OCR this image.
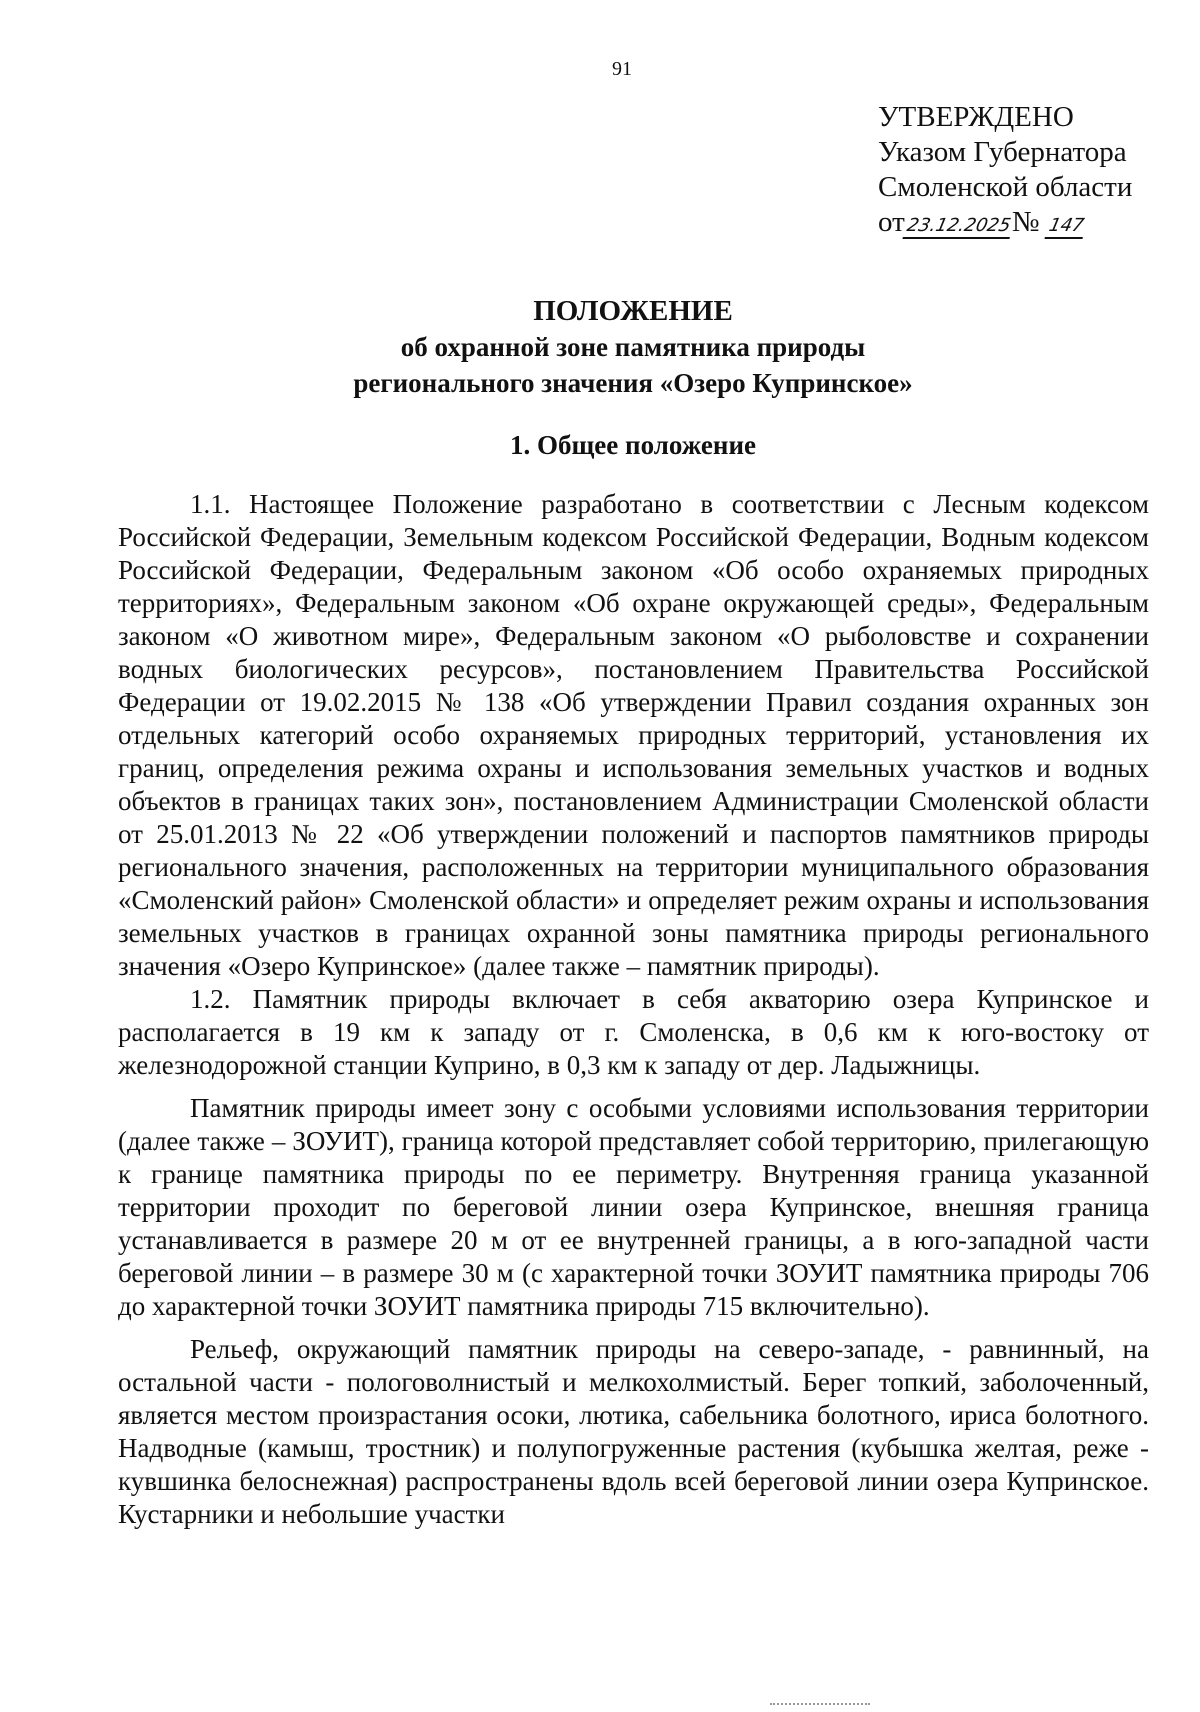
91
УТВЕРЖДЕНО
Указом Губернатора
Смоленской области
от23.12.2025№ 147
ПОЛОЖЕНИЕ
об охранной зоне памятника природы
регионального значения «Озеро Купринское»
1. Общее положение

1.1. Настоящее Положение разработано в соответствии с Лесным кодексом Российской Федерации, Земельным кодексом Российской Федерации, Водным кодексом Российской Федерации, Федеральным законом «Об особо охраняемых природных территориях», Федеральным законом «Об охране окружающей среды», Федеральным законом «О животном мире», Федеральным законом «О рыболовстве и сохранении водных биологических ресурсов», постановлением Правительства Российской Федерации от 19.02.2015 № 138 «Об утверждении Правил создания охранных зон отдельных категорий особо охраняемых природных территорий, установления их границ, определения режима охраны и использования земельных участков и водных объектов в границах таких зон», постановлением Администрации Смоленской области от 25.01.2013 № 22 «Об утверждении положений и паспортов памятников природы регионального значения, расположенных на территории муниципального образования «Смоленский район» Смоленской области» и определяет режим охраны и использования земельных участков в границах охранной зоны памятника природы регионального значения «Озеро Купринское» (далее также – памятник природы).

1.2. Памятник природы включает в себя акваторию озера Купринское и располагается в 19 км к западу от г. Смоленска, в 0,6 км к юго-востоку от железнодорожной станции Куприно, в 0,3 км к западу от дер. Ладыжницы.

Памятник природы имеет зону с особыми условиями использования территории (далее также – ЗОУИТ), граница которой представляет собой территорию, прилегающую к границе памятника природы по ее периметру. Внутренняя граница указанной территории проходит по береговой линии озера Купринское, внешняя граница устанавливается в размере 20 м от ее внутренней границы, а в юго-западной части береговой линии – в размере 30 м (с характерной точки ЗОУИТ памятника природы 706 до характерной точки ЗОУИТ памятника природы 715 включительно).

Рельеф, окружающий памятник природы на северо-западе, - равнинный, на остальной части - пологоволнистый и мелкохолмистый. Берег топкий, заболоченный, является местом произрастания осоки, лютика, сабельника болотного, ириса болотного. Надводные (камыш, тростник) и полупогруженные растения (кубышка желтая, реже - кувшинка белоснежная) распространены вдоль всей береговой линии озера Купринское. Кустарники и небольшие участки
